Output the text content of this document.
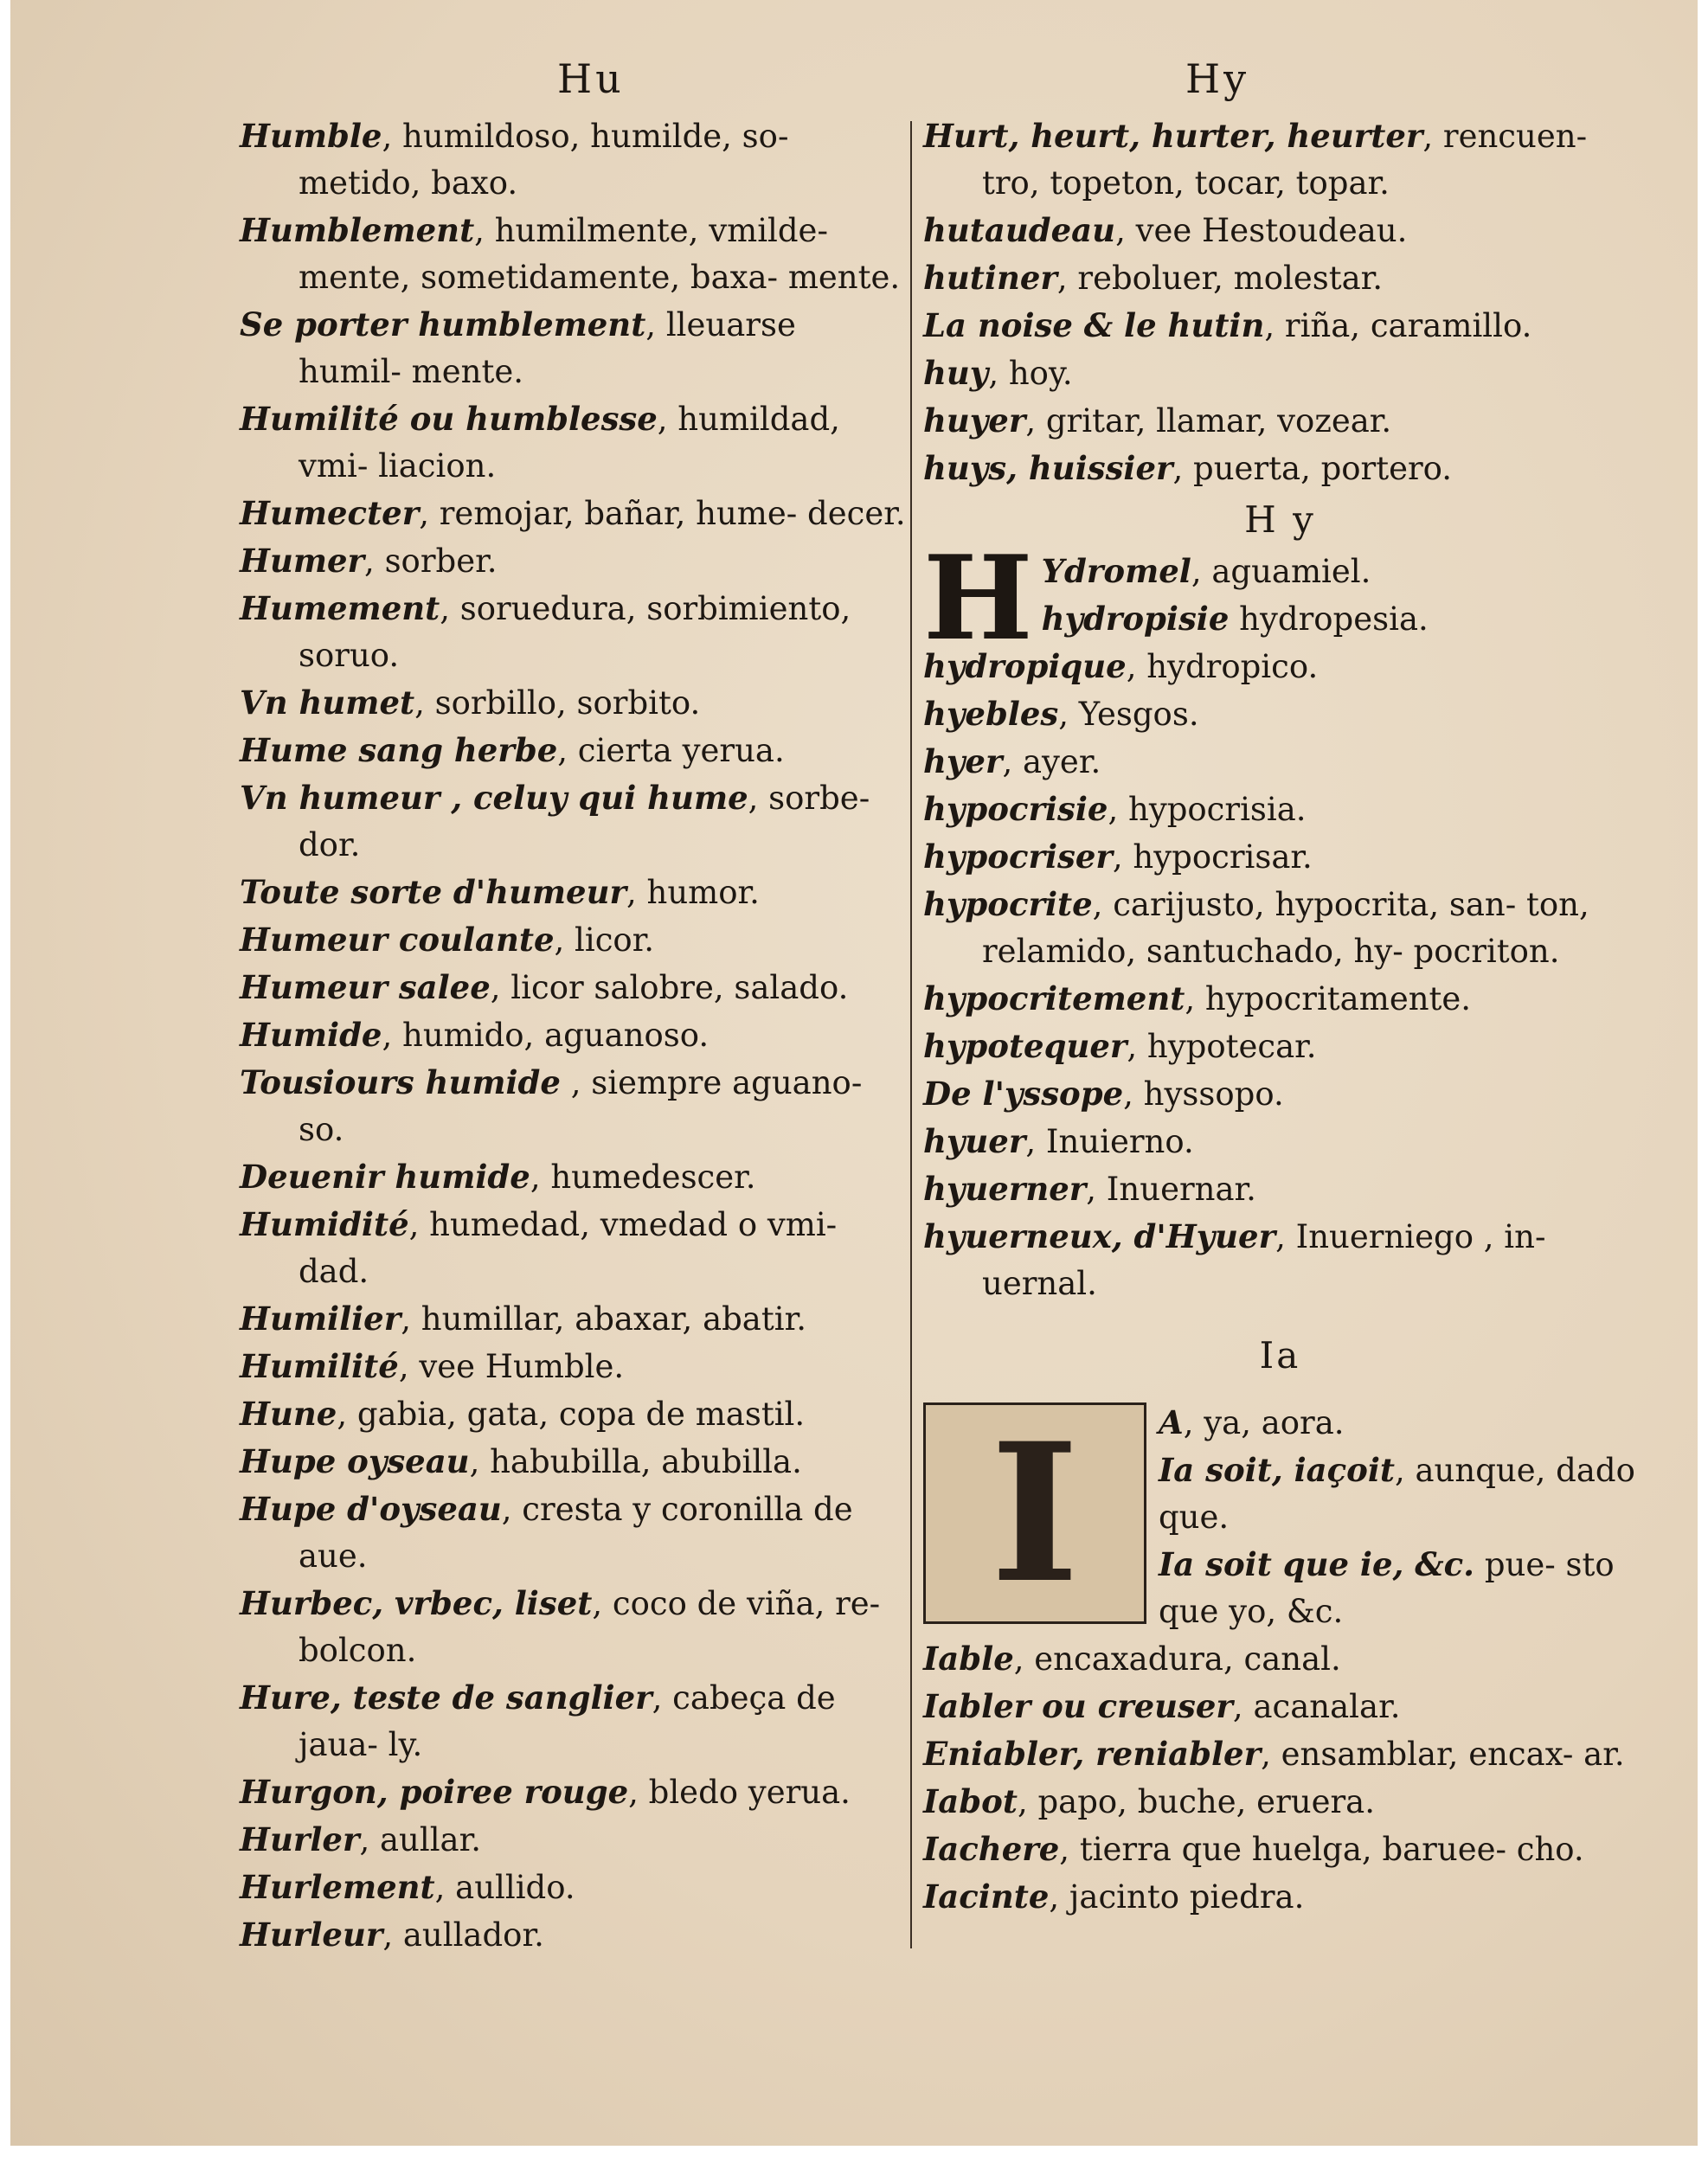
Hu	Hy

Humble, humildoso, humilde, so- metido, baxo.

Humblement, humilmente, vmilde- mente, sometidamente, baxa- mente.

Se porter humblement, lleuarse humil- mente.

Humilité ou humblesse, humildad, vmi- liacion.

Humecter, remojar, bañar, hume- decer.

Humer, sorber.

Humement, soruedura, sorbimiento, soruo.

Vn humet, sorbillo, sorbito.

Hume sang herbe, cierta yerua.

Vn humeur , celuy qui hume, sorbe- dor.

Toute sorte d'humeur, humor.

Humeur coulante, licor.

Humeur salee, licor salobre, salado.

Humide, humido, aguanoso.

Tousiours humide , siempre aguano- so.

Deuenir humide, humedescer.

Humidité, humedad, vmedad o vmi- dad.

Humilier, humillar, abaxar, abatir.

Humilité, vee Humble.

Hune, gabia, gata, copa de mastil.

Hupe oyseau, habubilla, abubilla.

Hupe d'oyseau, cresta y coronilla de aue.

Hurbec, vrbec, liset, coco de viña, re- bolcon.

Hure, teste de sanglier, cabeça de jaua- ly.

Hurgon, poiree rouge, bledo yerua.

Hurler, aullar.

Hurlement, aullido.

Hurleur, aullador.

Hurt, heurt, hurter, heurter, rencuen- tro, topeton, tocar, topar.

hutaudeau, vee Hestoudeau.

hutiner, reboluer, molestar.

La noise & le hutin, riña, caramillo.

huy, hoy.

huyer, gritar, llamar, vozear.

huys, huissier, puerta, portero.

H y
H Ydromel, aguamiel.

hydropisie hydropesia.

hydropique, hydropico.

hyebles, Yesgos.

hyer, ayer.

hypocrisie, hypocrisia.

hypocriser, hypocrisar.

hypocrite, carijusto, hypocrita, san- ton, relamido, santuchado, hy- pocriton.

hypocritement, hypocritamente.

hypotequer, hypotecar.

De l'yssope, hyssopo.

hyuer, Inuierno.

hyuerner, Inuernar.

hyuerneux, d'Hyuer, Inuerniego , in- uernal.

Ia
I	A, ya, aora.

Ia soit, iaçoit, aunque, dado que.

Ia soit que ie, &c. pue- sto que yo, &c.

Iable, encaxadura, canal.

Iabler ou creuser, acanalar.

Eniabler, reniabler, ensamblar, encax- ar.

Iabot, papo, buche, eruera.

Iachere, tierra que huelga, baruee- cho.

Iacinte, jacinto piedra.
